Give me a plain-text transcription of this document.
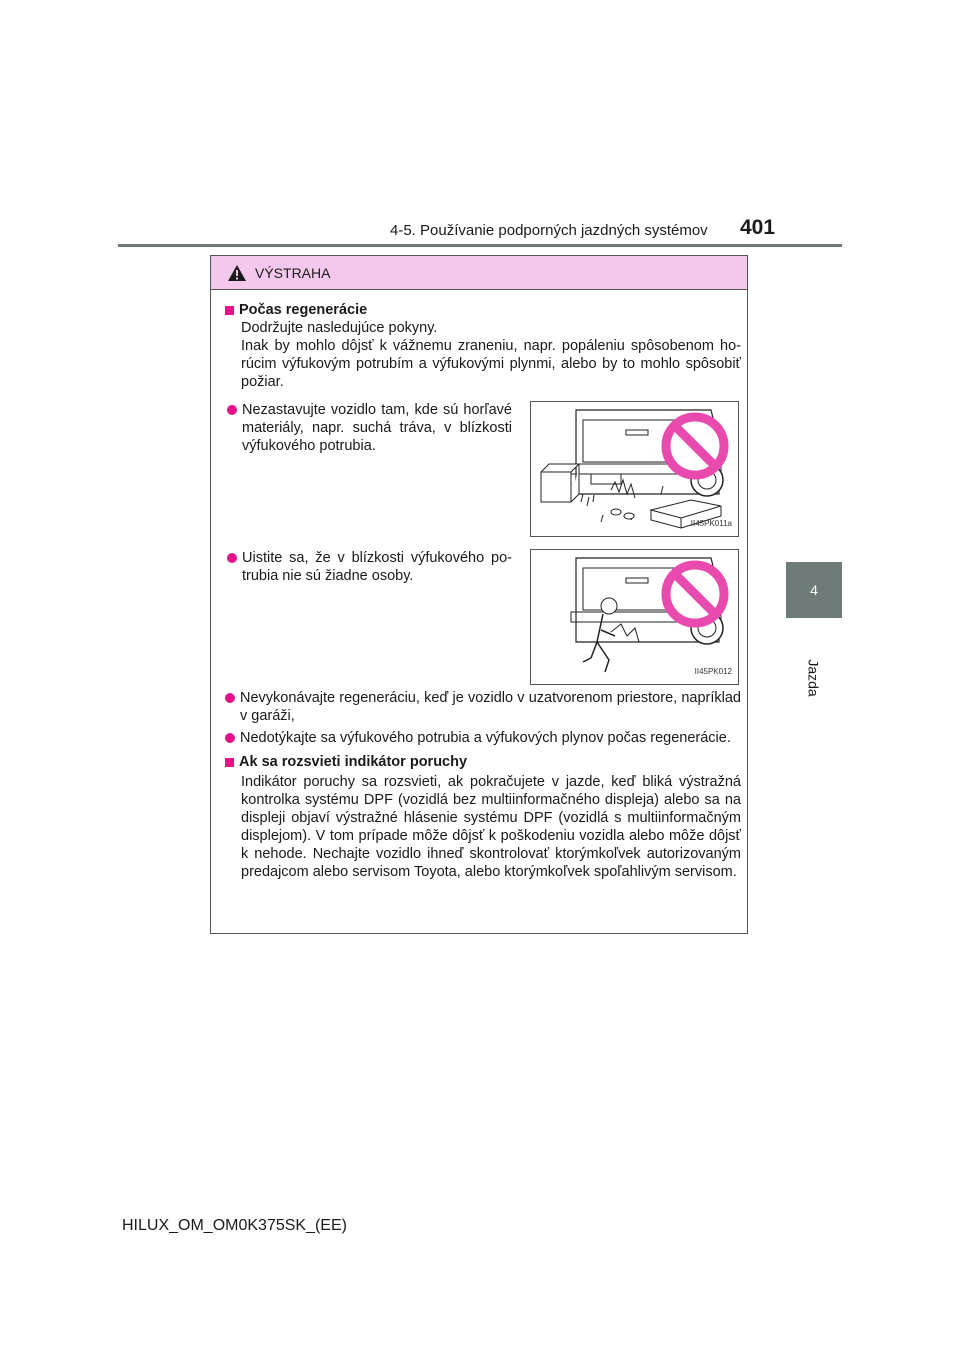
4-5. Používanie podporných jazdných systémov 401
4
Jazda
VÝSTRAHA
Počas regenerácie
Dodržujte nasledujúce pokyny.
Inak by mohlo dôjsť k vážnemu zraneniu, napr. popáleniu spôsobenom horúcim výfukovým potrubím a výfukovými plynmi, alebo by to mohlo spôsobiť požiar.
Nezastavujte vozidlo tam, kde sú horľavé materiály, napr. suchá tráva, v blízkosti výfukového potrubia.
II45PK011a
Uistite sa, že v blízkosti výfukového potrubia nie sú žiadne osoby.
II45PK012
Nevykonávajte regeneráciu, keď je vozidlo v uzatvorenom priestore, napríklad v garáži,
Nedotýkajte sa výfukového potrubia a výfukových plynov počas regenerácie.
Ak sa rozsvieti indikátor poruchy
Indikátor poruchy sa rozsvieti, ak pokračujete v jazde, keď bliká výstražná kontrolka systému DPF (vozidlá bez multiinformačného displeja) alebo sa na displeji objaví výstražné hlásenie systému DPF (vozidlá s multiinformačným displejom). V tom prípade môže dôjsť k poškodeniu vozidla alebo môže dôjsť k nehode. Nechajte vozidlo ihneď skontrolovať ktorýmkoľvek autorizovaným predajcom alebo servisom Toyota, alebo ktorýmkoľvek spoľahlivým servisom.
HILUX_OM_OM0K375SK_(EE)
